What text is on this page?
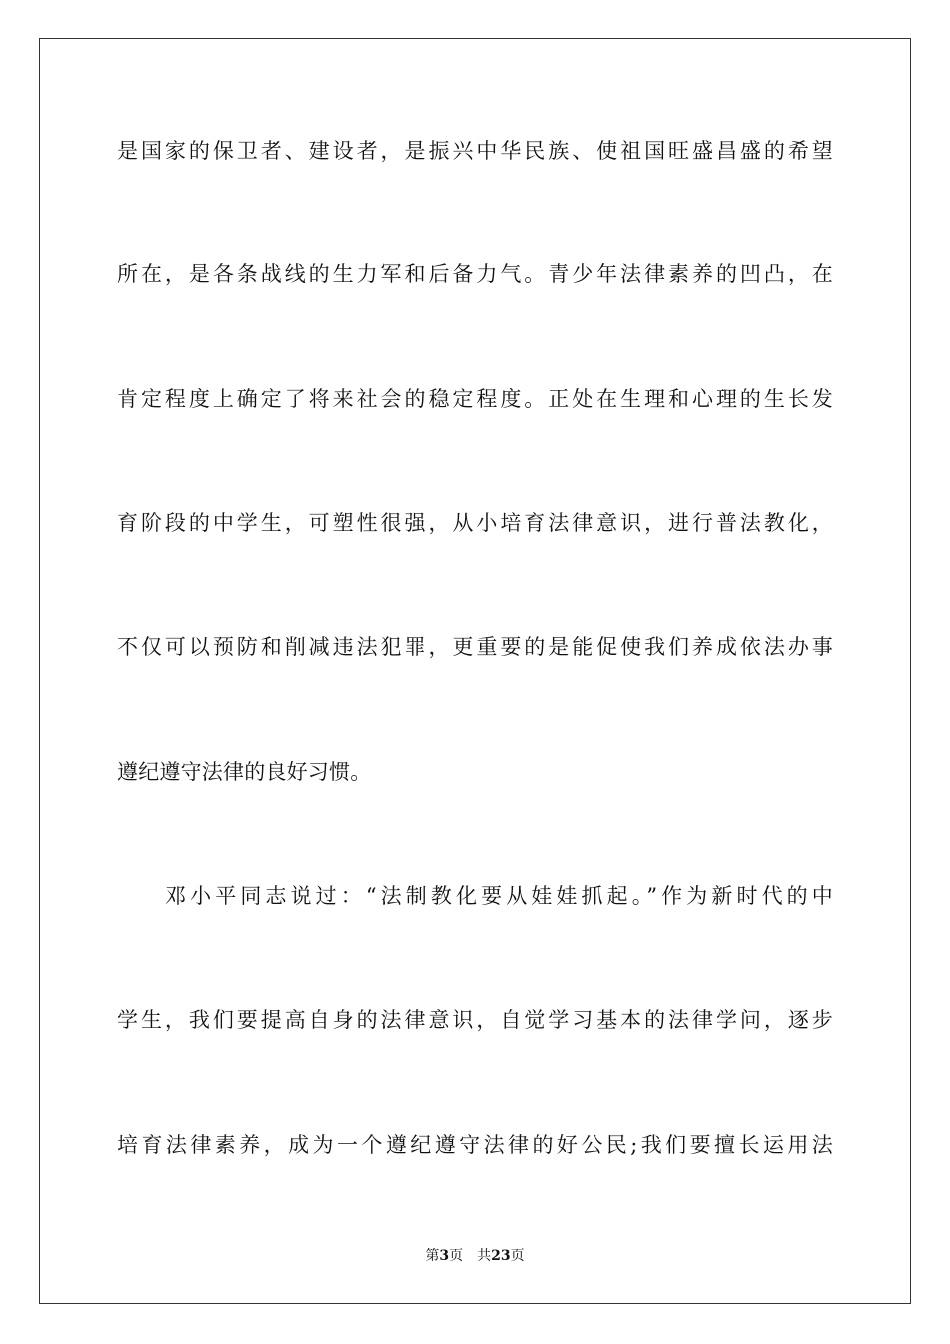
是国家的保卫者、建设者，是振兴中华民族、使祖国旺盛昌盛的希望
所在，是各条战线的生力军和后备力气。青少年法律素养的凹凸，在
肯定程度上确定了将来社会的稳定程度。正处在生理和心理的生长发
育阶段的中学生，可塑性很强，从小培育法律意识，进行普法教化，
不仅可以预防和削减违法犯罪，更重要的是能促使我们养成依法办事
遵纪遵守法律的良好习惯。
邓小平同志说过：“法制教化要从娃娃抓起。”作为新时代的中
学生，我们要提高自身的法律意识，自觉学习基本的法律学问，逐步
培育法律素养，成为一个遵纪遵守法律的好公民;我们要擅长运用法
第3页 共23页
